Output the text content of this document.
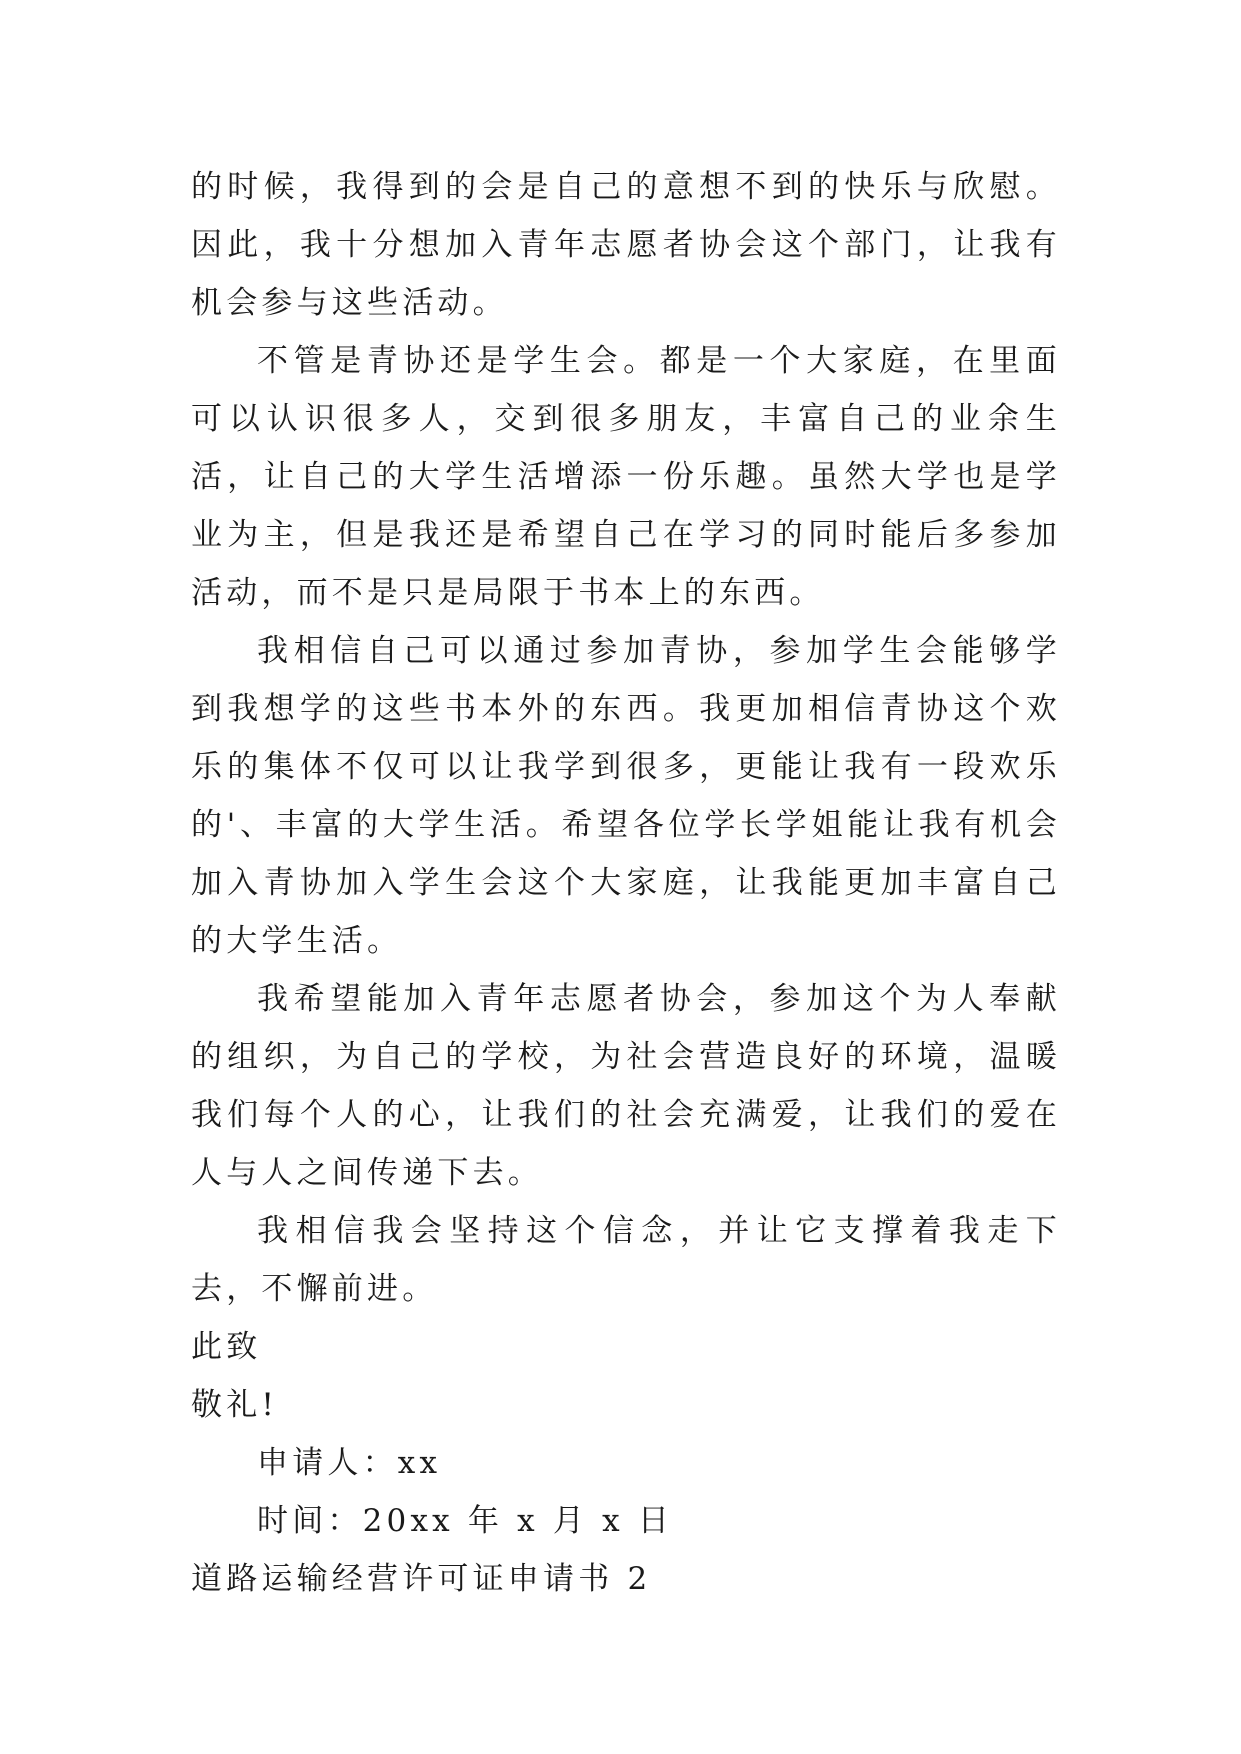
的时候，我得到的会是自己的意想不到的快乐与欣慰。因此，我十分想加入青年志愿者协会这个部门，让我有机会参与这些活动。

不管是青协还是学生会。都是一个大家庭，在里面可以认识很多人，交到很多朋友，丰富自己的业余生活，让自己的大学生活增添一份乐趣。虽然大学也是学业为主，但是我还是希望自己在学习的同时能后多参加活动，而不是只是局限于书本上的东西。

我相信自己可以通过参加青协，参加学生会能够学到我想学的这些书本外的东西。我更加相信青协这个欢乐的集体不仅可以让我学到很多，更能让我有一段欢乐的'、丰富的大学生活。希望各位学长学姐能让我有机会加入青协加入学生会这个大家庭，让我能更加丰富自己的大学生活。

我希望能加入青年志愿者协会，参加这个为人奉献的组织，为自己的学校，为社会营造良好的环境，温暖我们每个人的心，让我们的社会充满爱，让我们的爱在人与人之间传递下去。

我相信我会坚持这个信念，并让它支撑着我走下去，不懈前进。

此致

敬礼!

申请人：xx

时间：20xx 年 x 月 x 日

道路运输经营许可证申请书 2
